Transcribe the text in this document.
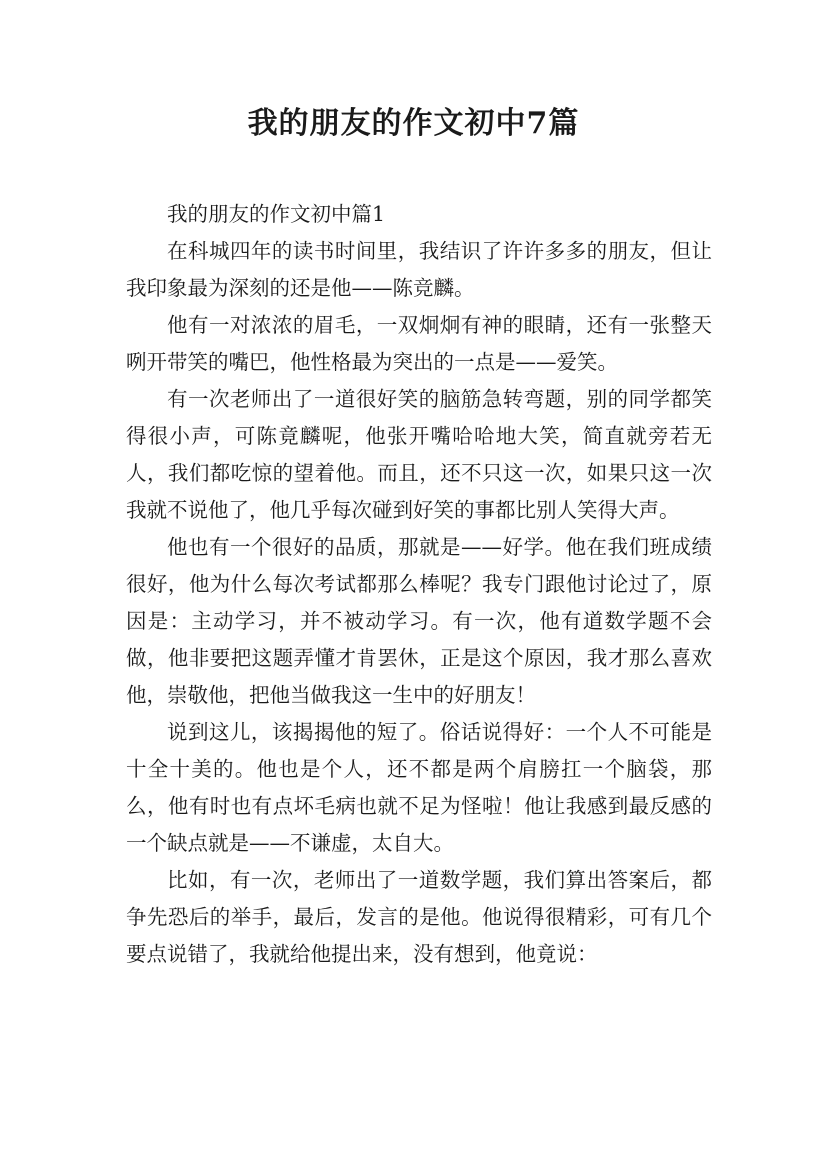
我的朋友的作文初中7篇

我的朋友的作文初中篇1

在科城四年的读书时间里，我结识了许许多多的朋友，但让我印象最为深刻的还是他——陈竞麟。

他有一对浓浓的眉毛，一双炯炯有神的眼睛，还有一张整天咧开带笑的嘴巴，他性格最为突出的一点是——爱笑。

有一次老师出了一道很好笑的脑筋急转弯题，别的同学都笑得很小声，可陈竟麟呢，他张开嘴哈哈地大笑，简直就旁若无人，我们都吃惊的望着他。而且，还不只这一次，如果只这一次我就不说他了，他几乎每次碰到好笑的事都比别人笑得大声。

他也有一个很好的品质，那就是——好学。他在我们班成绩很好，他为什么每次考试都那么棒呢？我专门跟他讨论过了，原因是：主动学习，并不被动学习。有一次，他有道数学题不会做，他非要把这题弄懂才肯罢休，正是这个原因，我才那么喜欢他，崇敬他，把他当做我这一生中的好朋友！

说到这儿，该揭揭他的短了。俗话说得好：一个人不可能是十全十美的。他也是个人，还不都是两个肩膀扛一个脑袋，那么，他有时也有点坏毛病也就不足为怪啦！他让我感到最反感的一个缺点就是——不谦虚，太自大。

比如，有一次，老师出了一道数学题，我们算出答案后，都争先恐后的举手，最后，发言的是他。他说得很精彩，可有几个要点说错了，我就给他提出来，没有想到，他竟说：
